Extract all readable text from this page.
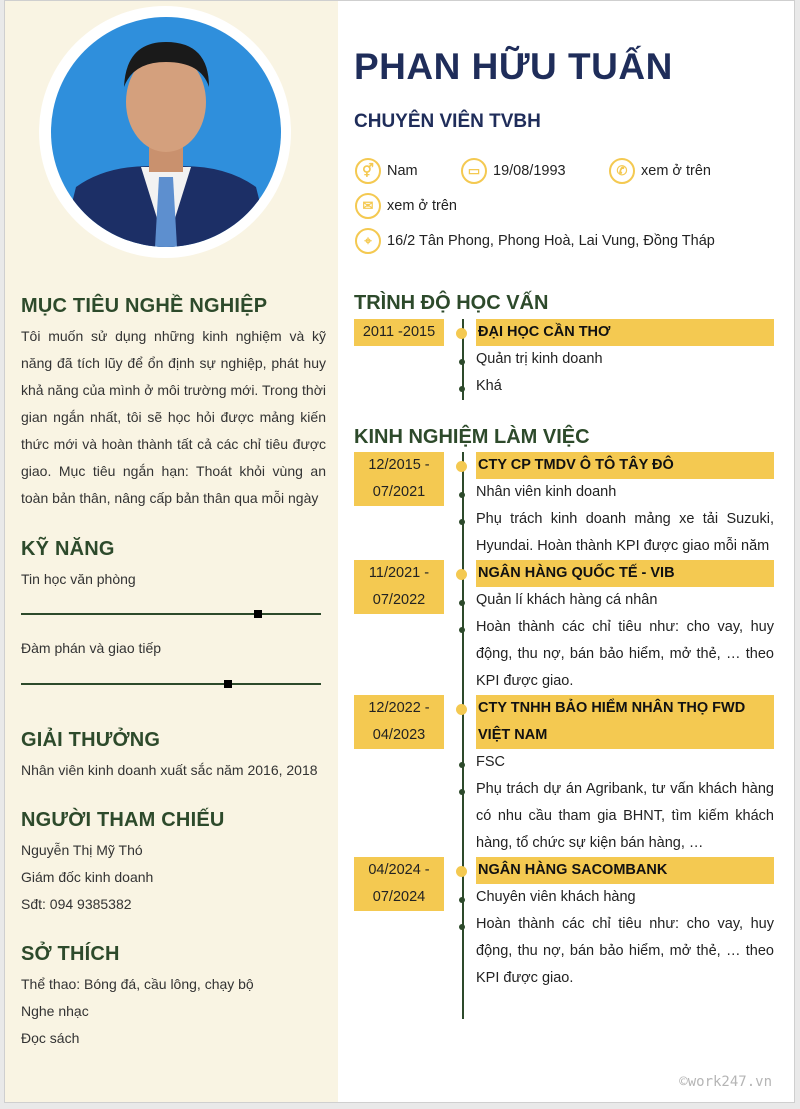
MỤC TIÊU NGHỀ NGHIỆP
Tôi muốn sử dụng những kinh nghiệm và kỹ năng đã tích lũy để ổn định sự nghiệp, phát huy khả năng của mình ở môi trường mới. Trong thời gian ngắn nhất, tôi sẽ học hỏi được mảng kiến thức mới và hoàn thành tất cả các chỉ tiêu được giao. Mục tiêu ngắn hạn: Thoát khỏi vùng an toàn bản thân, nâng cấp bản thân qua mỗi ngày
KỸ NĂNG
Tin học văn phòng
Đàm phán và giao tiếp
GIẢI THƯỞNG
Nhân viên kinh doanh xuất sắc năm 2016, 2018
NGƯỜI THAM CHIẾU
Nguyễn Thị Mỹ Thó
Giám đốc kinh doanh
Sđt: 094 9385382
SỞ THÍCH
Thể thao: Bóng đá, cầu lông, chạy bộ
Nghe nhạc
Đọc sách
PHAN HỮU TUẤN
CHUYÊN VIÊN TVBH
⚥ Nam	▭ 19/08/1993	✆ xem ở trên
✉ xem ở trên
⌖	16/2 Tân Phong, Phong Hoà, Lai Vung, Đồng Tháp
TRÌNH ĐỘ HỌC VẤN
2011 -2015	ĐẠI HỌC CẦN THƠ
Quản trị kinh doanh
Khá
KINH NGHIỆM LÀM VIỆC
12/2015 - 07/2021
CTY CP TMDV Ô TÔ TÂY ĐÔ
Nhân viên kinh doanh
Phụ trách kinh doanh mảng xe tải Suzuki, Hyundai. Hoàn thành KPI được giao mỗi năm
11/2021 - 07/2022
NGÂN HÀNG QUỐC TẾ - VIB
Quản lí khách hàng cá nhân
Hoàn thành các chỉ tiêu như: cho vay, huy động, thu nợ, bán bảo hiểm, mở thẻ, … theo KPI được giao.
12/2022 - 04/2023
CTY TNHH BẢO HIỂM NHÂN THỌ FWD VIỆT NAM
FSC
Phụ trách dự án Agribank, tư vấn khách hàng có nhu cầu tham gia BHNT, tìm kiếm khách hàng, tổ chức sự kiện bán hàng, …
04/2024 - 07/2024
NGÂN HÀNG SACOMBANK
Chuyên viên khách hàng
Hoàn thành các chỉ tiêu như: cho vay, huy động, thu nợ, bán bảo hiểm, mở thẻ, … theo KPI được giao.
©work247.vn
